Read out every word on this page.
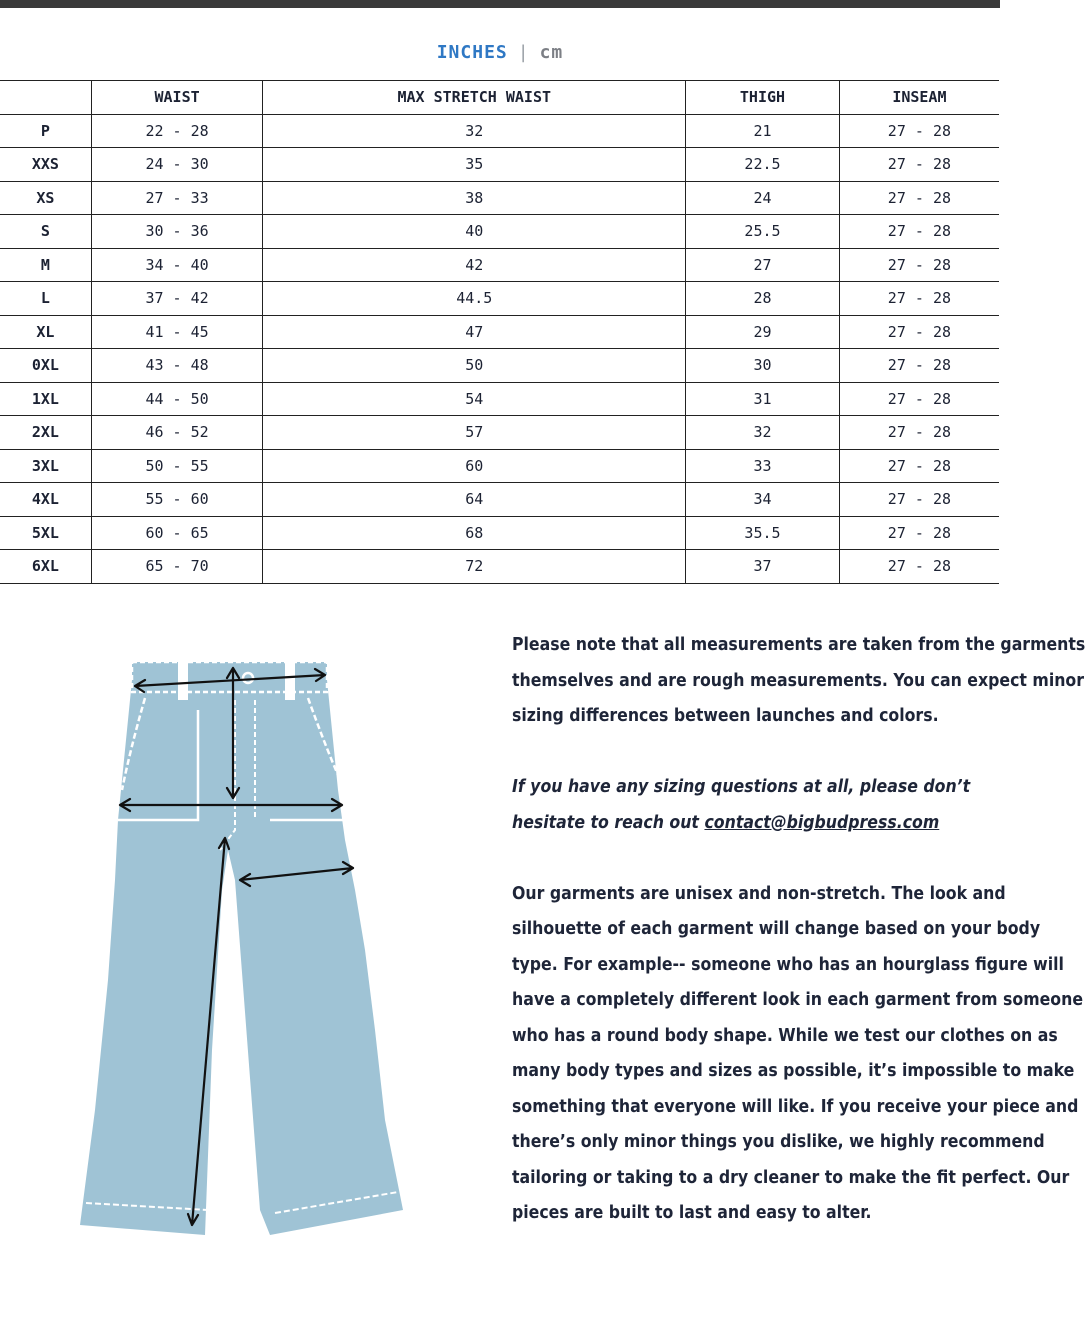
INCHES | cm
	WAIST	MAX STRETCH WAIST	THIGH	INSEAM
P	22 - 28	32	21	27 - 28
XXS	24 - 30	35	22.5	27 - 28
XS	27 - 33	38	24	27 - 28
S	30 - 36	40	25.5	27 - 28
M	34 - 40	42	27	27 - 28
L	37 - 42	44.5	28	27 - 28
XL	41 - 45	47	29	27 - 28
0XL	43 - 48	50	30	27 - 28
1XL	44 - 50	54	31	27 - 28
2XL	46 - 52	57	32	27 - 28
3XL	50 - 55	60	33	27 - 28
4XL	55 - 60	64	34	27 - 28
5XL	60 - 65	68	35.5	27 - 28
6XL	65 - 70	72	37	27 - 28

Please note that all measurements are taken from the garments
themselves and are rough measurements. You can expect minor
sizing differences between launches and colors.

If you have any sizing questions at all, please don’t
hesitate to reach out contact@bigbudpress.com

Our garments are unisex and non-stretch. The look and
silhouette of each garment will change based on your body
type. For example-- someone who has an hourglass figure will
have a completely different look in each garment from someone
who has a round body shape. While we test our clothes on as
many body types and sizes as possible, it’s impossible to make
something that everyone will like. If you receive your piece and
there’s only minor things you dislike, we highly recommend
tailoring or taking to a dry cleaner to make the fit perfect. Our
pieces are built to last and easy to alter.
